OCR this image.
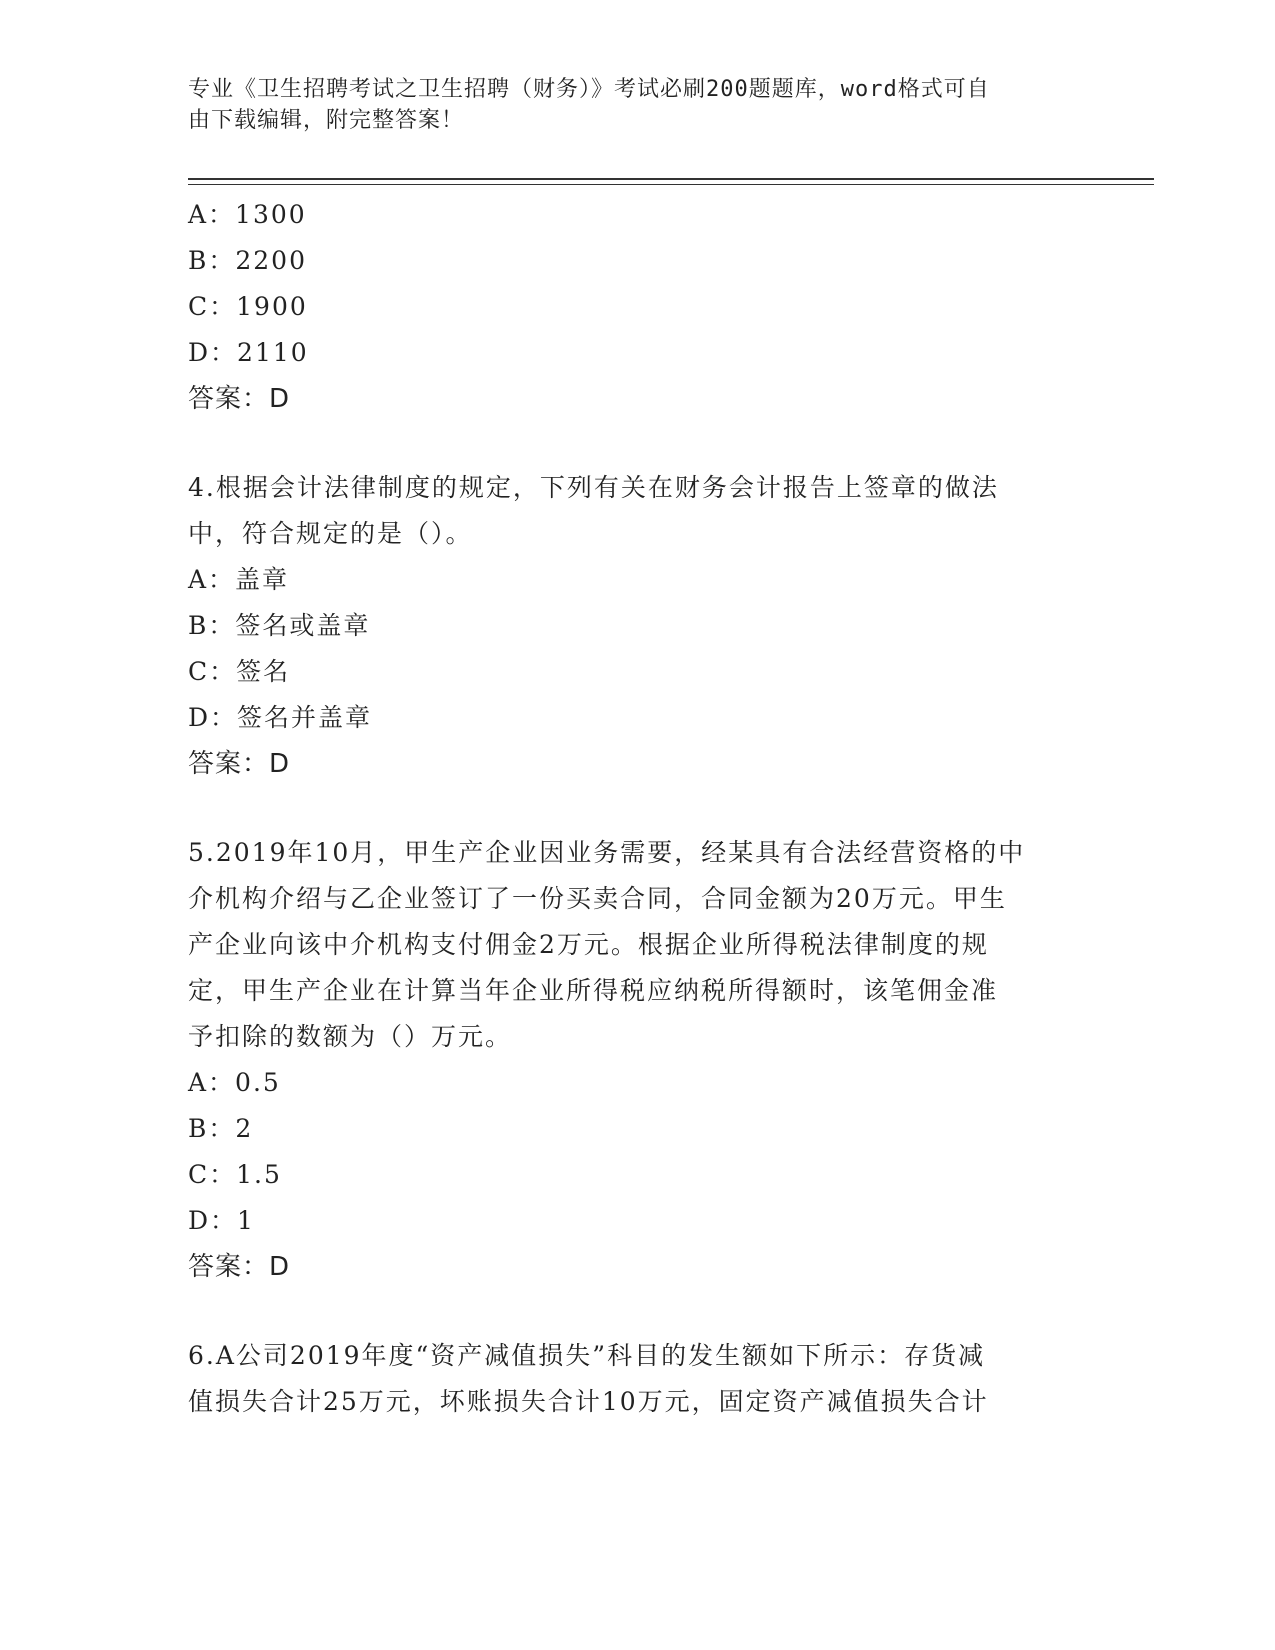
专业《卫生招聘考试之卫生招聘（财务）》考试必刷200题题库，word格式可自
由下载编辑，附完整答案！
A：1300
B：2200
C：1900
D：2110
答案：D
4.根据会计法律制度的规定，下列有关在财务会计报告上签章的做法
中，符合规定的是（）。
A：盖章
B：签名或盖章
C：签名
D：签名并盖章
答案：D
5.2019年10月，甲生产企业因业务需要，经某具有合法经营资格的中
介机构介绍与乙企业签订了一份买卖合同，合同金额为20万元。甲生
产企业向该中介机构支付佣金2万元。根据企业所得税法律制度的规
定，甲生产企业在计算当年企业所得税应纳税所得额时，该笔佣金准
予扣除的数额为（）万元。
A：0.5
B：2
C：1.5
D：1
答案：D
6.A公司2019年度“资产减值损失”科目的发生额如下所示：存货减
值损失合计25万元，坏账损失合计10万元，固定资产减值损失合计
